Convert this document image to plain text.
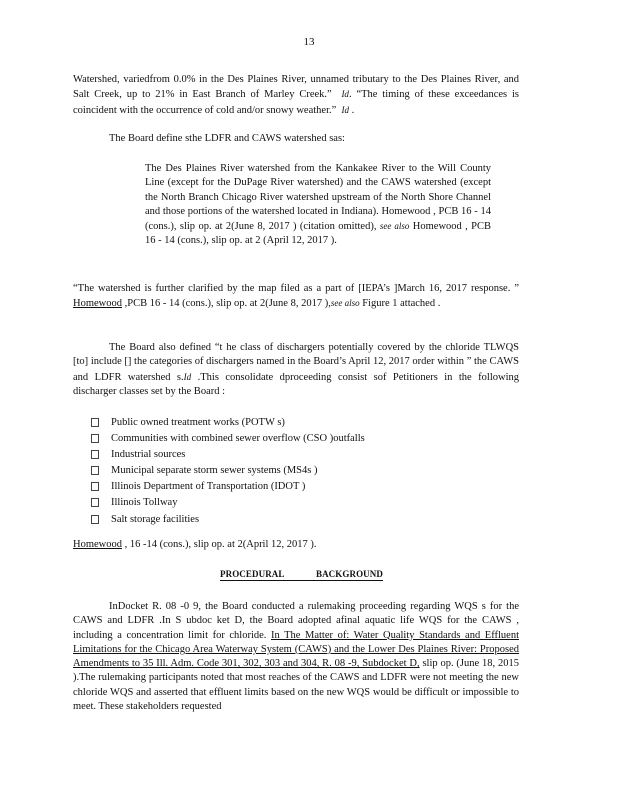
13

Watershed, variedfrom 0.0% in the Des Plaines River, unnamed tributary to the Des Plaines River, and Salt Creek, up to 21% in East Branch of Marley Creek.” Id. “The timing of these exceedances is coincident with the occurrence of cold and/or snowy weather.” Id .

The Board define sthe LDFR and CAWS watershed sas:

The Des Plaines River watershed from the Kankakee River to the Will County Line (except for the DuPage River watershed) and the CAWS watershed (except the North Branch Chicago River watershed upstream of the North Shore Channel and those portions of the watershed located in Indiana). Homewood , PCB 16 - 14 (cons.), slip op. at 2(June 8, 2017 ) (citation omitted), see also Homewood , PCB 16 - 14 (cons.), slip op. at 2 (April 12, 2017 ).

“The watershed is further clarified by the map filed as a part of [IEPA’s ]March 16, 2017 response. ” Homewood ,PCB 16 - 14 (cons.), slip op. at 2(June 8, 2017 ),see also Figure 1 attached .

The Board also defined “t he class of dischargers potentially covered by the chloride TLWQS [to] include [] the categories of dischargers named in the Board’s April 12, 2017 order within ” the CAWS and LDFR watershed s.Id .This consolidate dproceeding consist sof Petitioners in the following discharger classes set by the Board :

Public owned treatment works (POTW s)
Communities with combined sewer overflow (CSO )outfalls
Industrial sources
Municipal separate storm sewer systems (MS4s )
Illinois Department of Transportation (IDOT )
Illinois Tollway
Salt storage facilities

Homewood , 16 -14 (cons.), slip op. at 2(April 12, 2017 ).

PROCEDURAL	BACKGROUND

InDocket R. 08 -0 9, the Board conducted a rulemaking proceeding regarding WQS s for the CAWS and LDFR .In S ubdoc ket D, the Board adopted afinal aquatic life WQS for the CAWS , including a concentration limit for chloride. In The Matter of: Water Quality Standards and Effluent Limitations for the Chicago Area Waterway System (CAWS) and the Lower Des Plaines River: Proposed Amendments to 35 Ill. Adm. Code 301, 302, 303 and 304, R. 08 -9, Subdocket D, slip op. (June 18, 2015 ).The rulemaking participants noted that most reaches of the CAWS and LDFR were not meeting the new chloride WQS and asserted that effluent limits based on the new WQS would be difficult or impossible to meet. These stakeholders requested
